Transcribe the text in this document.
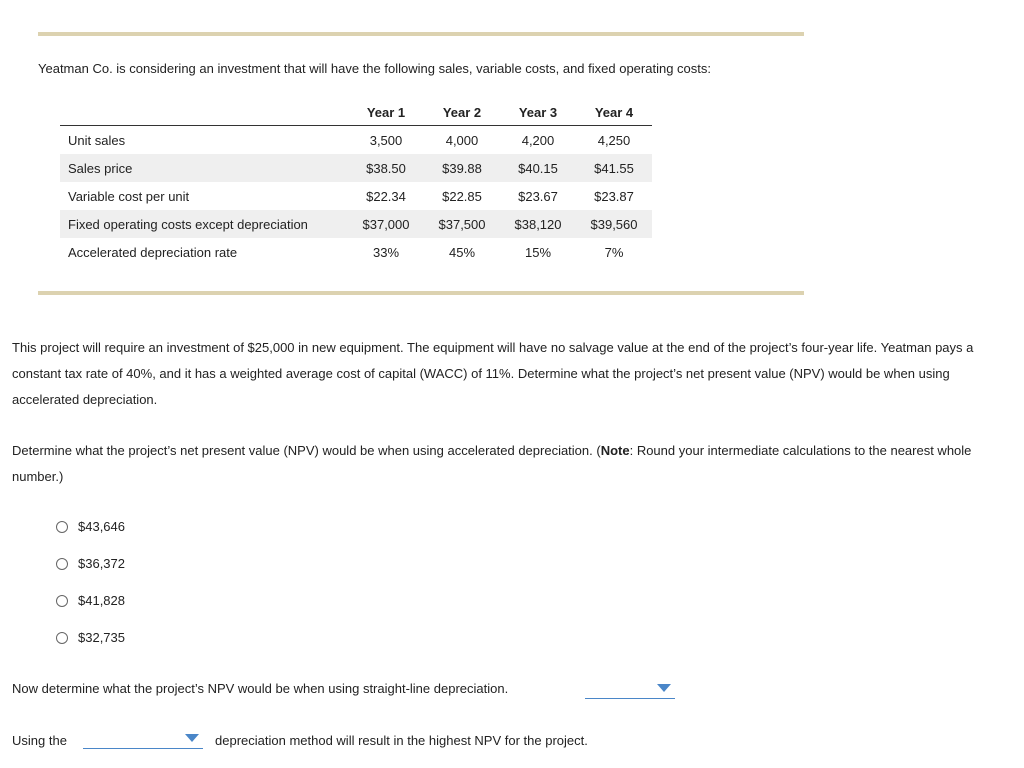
Yeatman Co. is considering an investment that will have the following sales, variable costs, and fixed operating costs:
	Year 1	Year 2	Year 3	Year 4
Unit sales	3,500	4,000	4,200	4,250
Sales price	$38.50	$39.88	$40.15	$41.55
Variable cost per unit	$22.34	$22.85	$23.67	$23.87
Fixed operating costs except depreciation	$37,000	$37,500	$38,120	$39,560
Accelerated depreciation rate	33%	45%	15%	7%
This project will require an investment of $25,000 in new equipment. The equipment will have no salvage value at the end of the project’s four-year life. Yeatman pays a constant tax rate of 40%, and it has a weighted average cost of capital (WACC) of 11%. Determine what the project’s net present value (NPV) would be when using accelerated depreciation.
Determine what the project’s net present value (NPV) would be when using accelerated depreciation. (Note: Round your intermediate calculations to the nearest whole number.)
$43,646
$36,372
$41,828
$32,735
Now determine what the project’s NPV would be when using straight-line depreciation.
Using the	depreciation method will result in the highest NPV for the project.
